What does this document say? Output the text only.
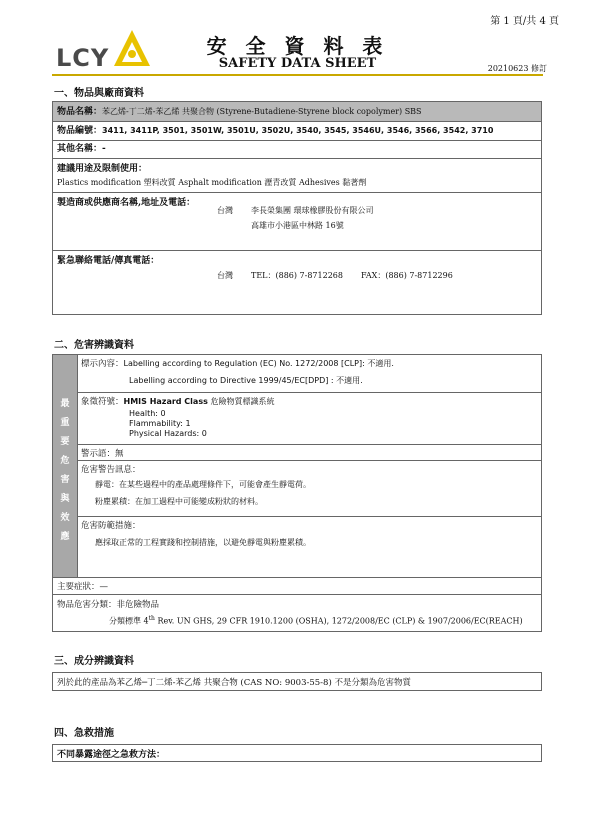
第 1 頁/共 4 頁
LCY	安 全 資 料 表
SAFETY DATA SHEET	20210623 修訂
一、物品與廠商資料
物品名稱：苯乙烯-丁二烯-苯乙烯 共聚合物 (Styrene-Butadiene-Styrene block copolymer) SBS
物品編號：3411, 3411P, 3501, 3501W, 3501U, 3502U, 3540, 3545, 3546U, 3546, 3566, 3542, 3710
其他名稱：-
建議用途及限制使用：
Plastics modification 塑料改質 Asphalt modification 瀝青改質 Adhesives 黏著劑
製造商或供應商名稱,地址及電話：
台灣 李長榮集團 環球橡膠股份有限公司
高雄市小港區中林路 16號
緊急聯絡電話/傳真電話：
台灣 TEL：(886) 7-8712268 FAX：(886) 7-8712296
二、危害辨識資料
最
重
要
危
害
與
效
應
標示內容：Labelling according to Regulation (EC) No. 1272/2008 [CLP]: 不適用.
Labelling according to Directive 1999/45/EC[DPD] : 不適用.
象徵符號：HMIS Hazard Class 危險物質標識系統
Health: 0
Flammability: 1
Physical Hazards: 0
警示語：無
危害警告訊息：
靜電：在某些過程中的產品處理條件下，可能會產生靜電荷。
粉塵累積：在加工過程中可能變成粉狀的材料。
危害防範措施：
應採取正常的工程實踐和控制措施，以避免靜電與粉塵累積。
主要症狀：—
物品危害分類：非危險物品
分類標準 4th Rev. UN GHS, 29 CFR 1910.1200 (OSHA), 1272/2008/EC (CLP) & 1907/2006/EC(REACH)
三、成分辨識資料
列於此的產品為苯乙烯─丁二烯-苯乙烯 共聚合物 (CAS NO: 9003-55-8) 不是分類為危害物質
四、急救措施
不同暴露途徑之急救方法：
